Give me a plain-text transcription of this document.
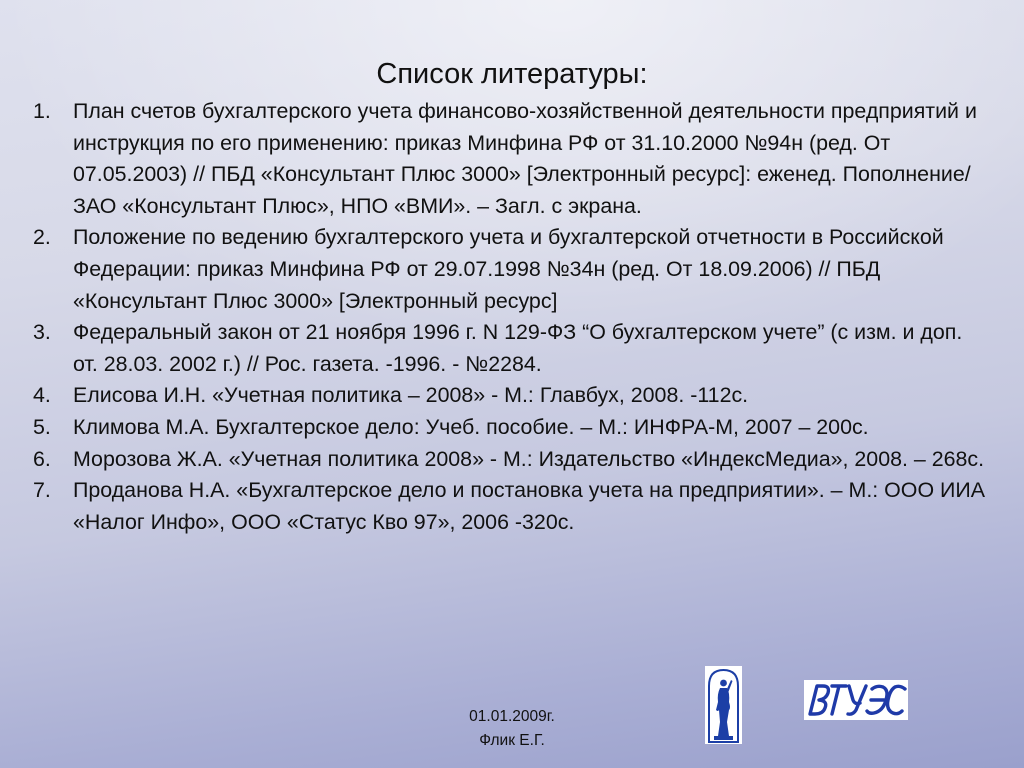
Список литературы:
1.	План счетов бухгалтерского учета финансово-хозяйственной деятельности предприятий и инструкция по его применению: приказ Минфина РФ от 31.10.2000 №94н (ред. От 07.05.2003) // ПБД «Консультант Плюс 3000» [Электронный ресурс]: еженед. Пополнение/ ЗАО «Консультант Плюс», НПО «ВМИ». – Загл. с экрана.
2.	Положение по ведению бухгалтерского учета и бухгалтерской отчетности в Российской Федерации: приказ Минфина РФ от 29.07.1998 №34н (ред. От 18.09.2006) // ПБД «Консультант Плюс 3000» [Электронный ресурс]
3.	Федеральный закон от 21 ноября 1996 г. N 129-ФЗ “О бухгалтерском учете” (с изм. и доп. от. 28.03. 2002 г.) // Рос. газета. -1996. - №2284.
4.	Елисова И.Н. «Учетная политика – 2008» - М.: Главбух, 2008. -112с.
5.	Климова М.А. Бухгалтерское дело: Учеб. пособие. – М.: ИНФРА-М, 2007 – 200с.
6.	Морозова Ж.А. «Учетная политика 2008» - М.: Издательство «ИндексМедиа», 2008. – 268с.
7.	Проданова Н.А. «Бухгалтерское дело и постановка учета на предприятии». – М.: ООО ИИА «Налог Инфо», ООО «Статус Кво 97», 2006 -320с.
01.01.2009г.
Флик Е.Г.
